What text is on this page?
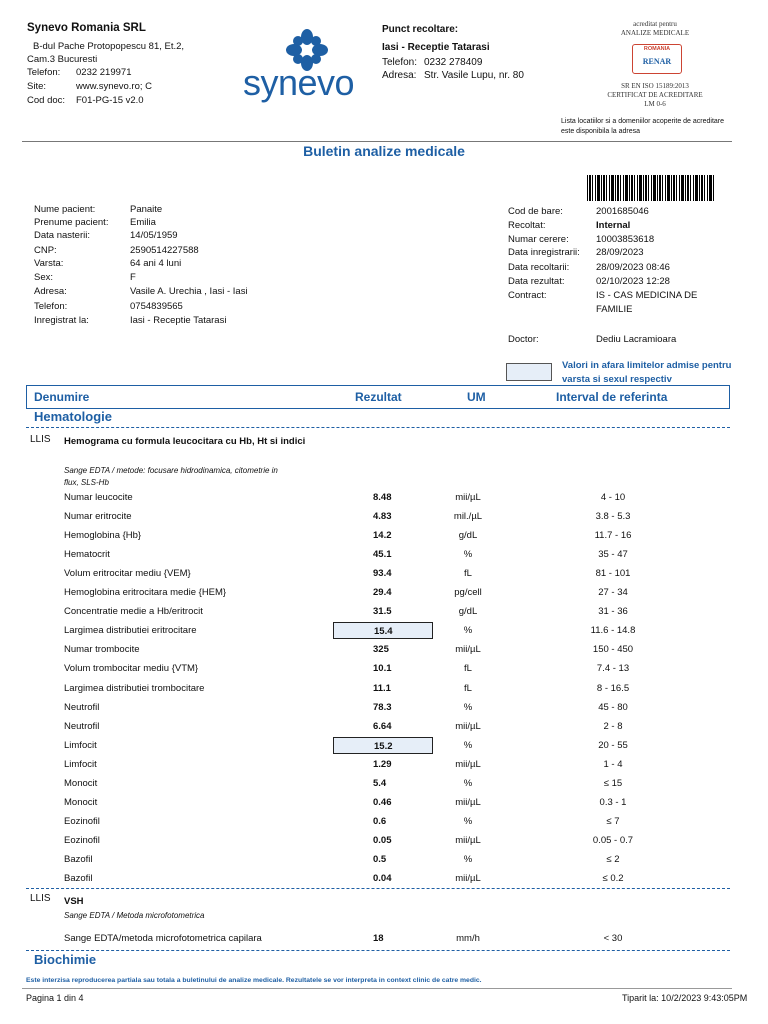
Synevo Romania SRL
B-dul Pache Protopopescu 81, Et.2,
Cam.3 Bucuresti
Telefon: 0232 219971
Site:	www.synevo.ro; C
Cod doc: F01-PG-15 v2.0	synevo
Punct recoltare:
Iasi - Receptie Tatarasi
Telefon: 0232 278409
Adresa: Str. Vasile Lupu, nr. 80
acreditat pentru
ANALIZE MEDICALE
ROMANIA
RENAR
SR EN ISO 15189:2013
CERTIFICAT DE ACREDITARE
LM 0-6
Lista locatiilor si a domeniilor acoperite de acreditare este disponibila la adresa
Buletin analize medicale
Nume pacient:	Panaite
Prenume pacient: Emilia
Data nasterii:	14/05/1959
CNP:	2590514227588
Varsta:	64 ani 4 luni
Sex:	F
Adresa:	Vasile A. Urechia , Iasi - Iasi
Telefon:	0754839565
Inregistrat la:	Iasi - Receptie Tatarasi
Cod de bare:	2001685046
Recoltat:	Internal
Numar cerere:	10003853618
Data inregistrarii: 28/09/2023
Data recoltarii:	28/09/2023 08:46
Data rezultat:	02/10/2023 12:28
Contract:	IS - CAS MEDICINA DE
FAMILIE
Doctor:	Dediu Lacramioara
Valori in afara limitelor admise pentru varsta si sexul respectiv
Denumire	Rezultat	UM	Interval de referinta
Hematologie
LLIS Hemograma cu formula leucocitara cu Hb, Ht si indici
Sange EDTA / metode: focusare hidrodinamica, citometrie in flux, SLS-Hb
Numar leucocite	8.48	mii/µL	4 - 10
Numar eritrocite	4.83	mil./µL	3.8 - 5.3
Hemoglobina {Hb}	14.2	g/dL	11.7 - 16
Hematocrit	45.1	%	35 - 47
Volum eritrocitar mediu {VEM}	93.4	fL	81 - 101
Hemoglobina eritrocitara medie {HEM}	29.4	pg/cell	27 - 34
Concentratie medie a Hb/eritrocit	31.5	g/dL	31 - 36
Largimea distributiei eritrocitare	15.4	%	11.6 - 14.8
Numar trombocite	325	mii/µL	150 - 450
Volum trombocitar mediu {VTM}	10.1	fL	7.4 - 13
Largimea distributiei trombocitare	11.1	fL	8 - 16.5
Neutrofil	78.3	%	45 - 80
Neutrofil	6.64	mii/µL	2 - 8
Limfocit	15.2	%	20 - 55
Limfocit	1.29	mii/µL	1 - 4
Monocit	5.4	%	≤ 15
Monocit	0.46	mii/µL	0.3 - 1
Eozinofil	0.6	%	≤ 7
Eozinofil	0.05	mii/µL	0.05 - 0.7
Bazofil	0.5	%	≤ 2
Bazofil	0.04	mii/µL	≤ 0.2
LLIS VSH
Sange EDTA / Metoda microfotometrica
Sange EDTA/metoda microfotometrica capilara	18	mm/h	< 30
Biochimie
Este interzisa reproducerea partiala sau totala a buletinului de analize medicale. Rezultatele se vor interpreta in context clinic de catre medic.
Pagina 1 din 4	Tiparit la: 10/2/2023 9:43:05PM
